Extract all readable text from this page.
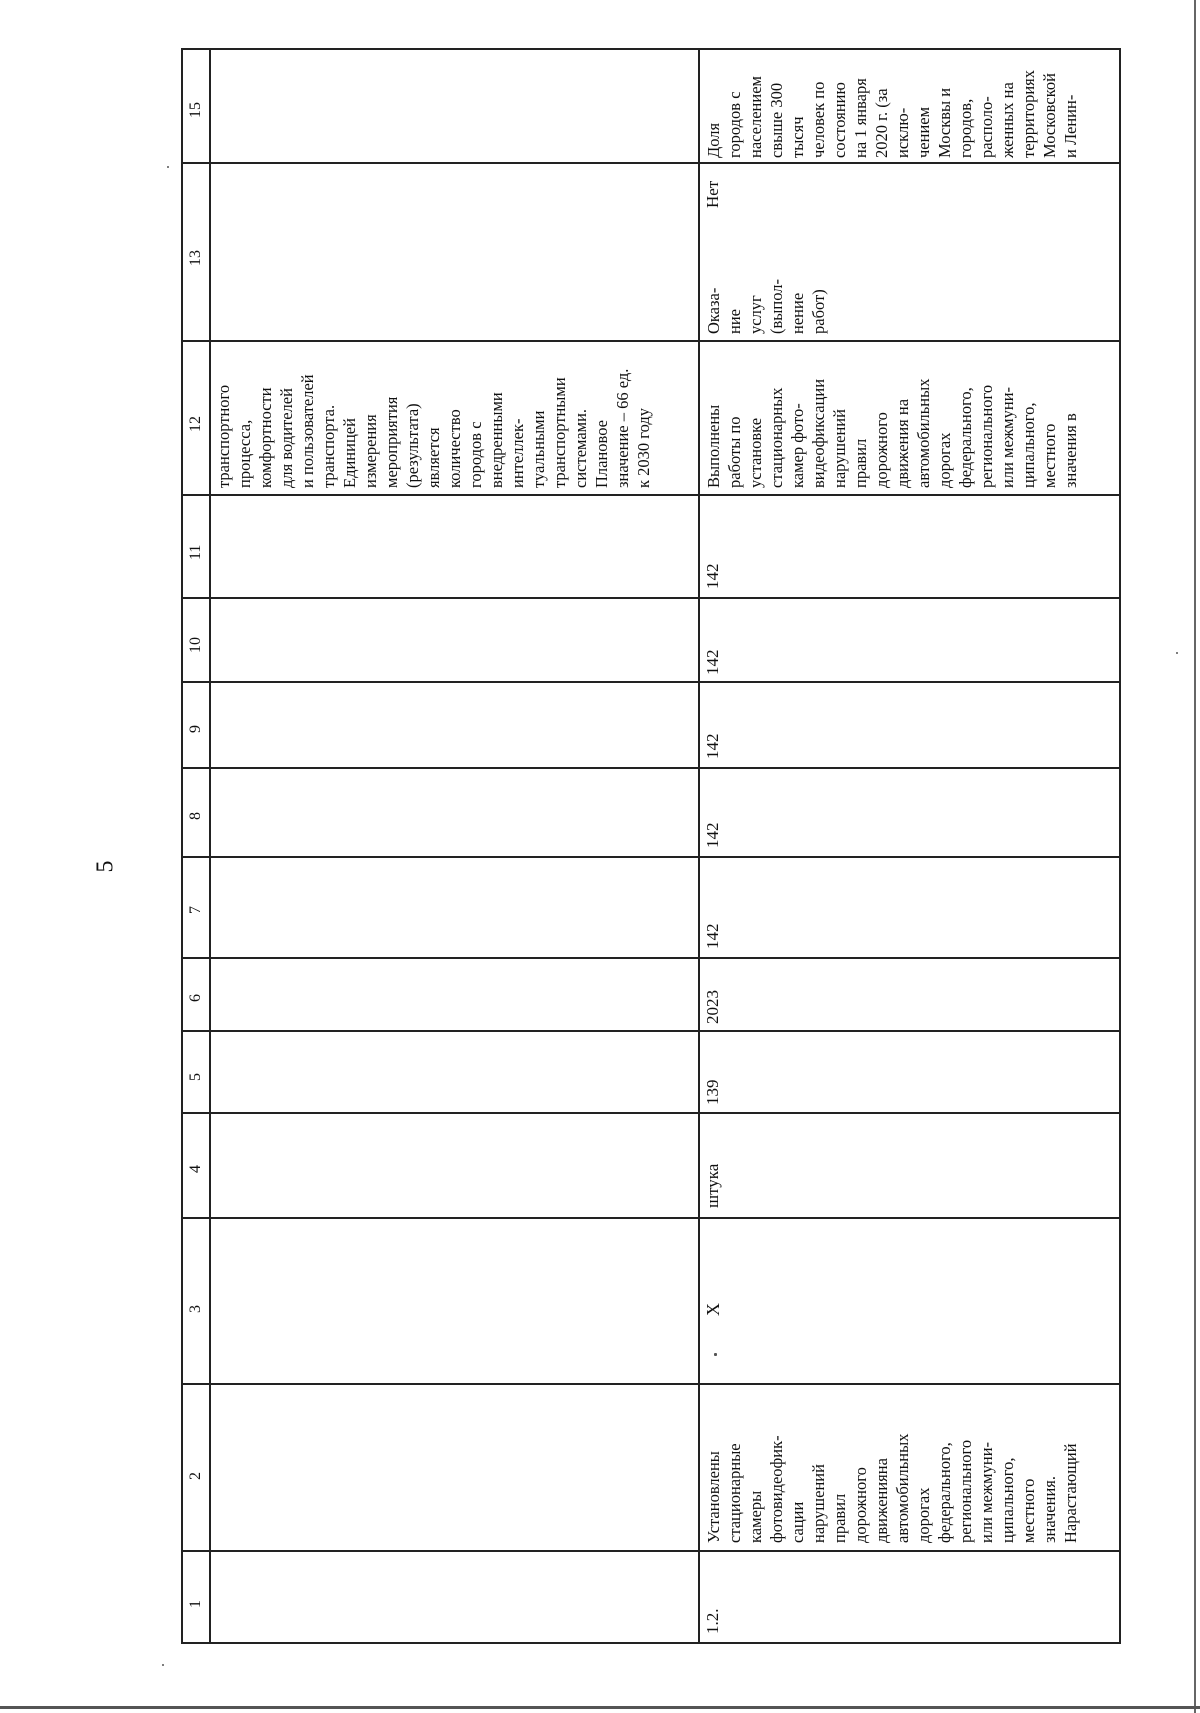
5
1
2
3
4
5
6
7
8
9
10
11
12
13
15
транспортного процесса, комфортности для водителей и пользователей транспорта. Единицей измерения мероприятия (результата) является количество городов с внедренными интеллек- туальными транспортными системами. Плановое значение – 66 ед. к 2030 году
1.2.
Установлены стационарные камеры фотовидеофик- сации нарушений правил дорожного движенияна автомобильных дорогах федерального, регионального или межмуни- ципального, местного значения. Нарастающий
Х
штука
139
2023
142
142
142
142
142
Выполнены работы по установке стационарных камер фото- видеофиксации нарушений правил дорожного движения на автомобильных дорогах федерального, регионального или межмуни- ципального, местного значения в
Оказа- ние услуг (выпол- нение работ)
Нет
Доля городов с населением свыше 300 тысяч человек по состоянию на 1 января 2020 г. (за исклю- чением Москвы и городов, располо- женных на территориях Московской и Ленин-
